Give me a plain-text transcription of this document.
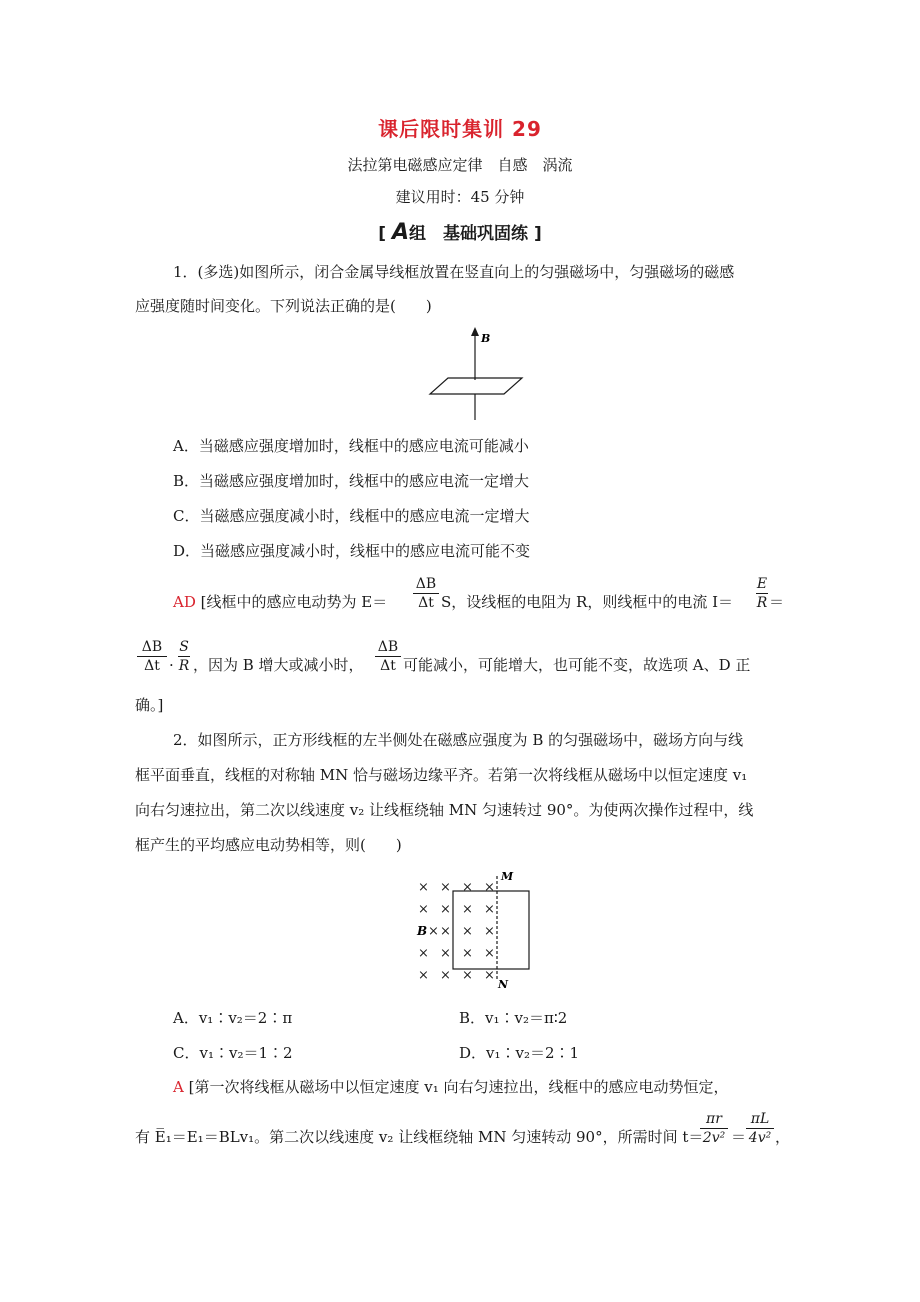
课后限时集训 29
法拉第电磁感应定律　自感　涡流
建议用时：45 分钟
[ A组　基础巩固练 ]
1．(多选)如图所示，闭合金属导线框放置在竖直向上的匀强磁场中，匀强磁场的磁感
应强度随时间变化。下列说法正确的是(　　)
B
A．当磁感应强度增加时，线框中的感应电流可能减小
B．当磁感应强度增加时，线框中的感应电流一定增大
C．当磁感应强度减小时，线框中的感应电流一定增大
D．当磁感应强度减小时，线框中的感应电流可能不变
AD [线框中的感应电动势为 E＝
ΔB
Δt S，设线框的电阻为 R，则线框中的电流 I＝
E
R ＝
ΔB
Δt ·
S
R ，因为 B 增大或减小时，
ΔB
Δt 可能减小，可能增大，也可能不变，故选项 A、D 正
确。]
2．如图所示，正方形线框的左半侧处在磁感应强度为 B 的匀强磁场中，磁场方向与线
框平面垂直，线框的对称轴 MN 恰与磁场边缘平齐。若第一次将线框从磁场中以恒定速度 v₁
向右匀速拉出，第二次以线速度 v₂ 让线框绕轴 MN 匀速转过 90°。为使两次操作过程中，线
框产生的平均感应电动势相等，则(　　)
× × × ×
× × × ×
× × ×
× × × ×
× × × ×
×
M
N
B
A．v₁∶v₂＝2∶π	B．v₁∶v₂＝π∶2
C．v₁∶v₂＝1∶2	D．v₁∶v₂＝2∶1
A [第一次将线框从磁场中以恒定速度 v₁ 向右匀速拉出，线框中的感应电动势恒定，
有 E̅₁＝E₁＝BLv₁。第二次以线速度 v₂ 让线框绕轴 MN 匀速转动 90°，所需时间 t＝
πr
2v² ＝
πL
4v² ，
